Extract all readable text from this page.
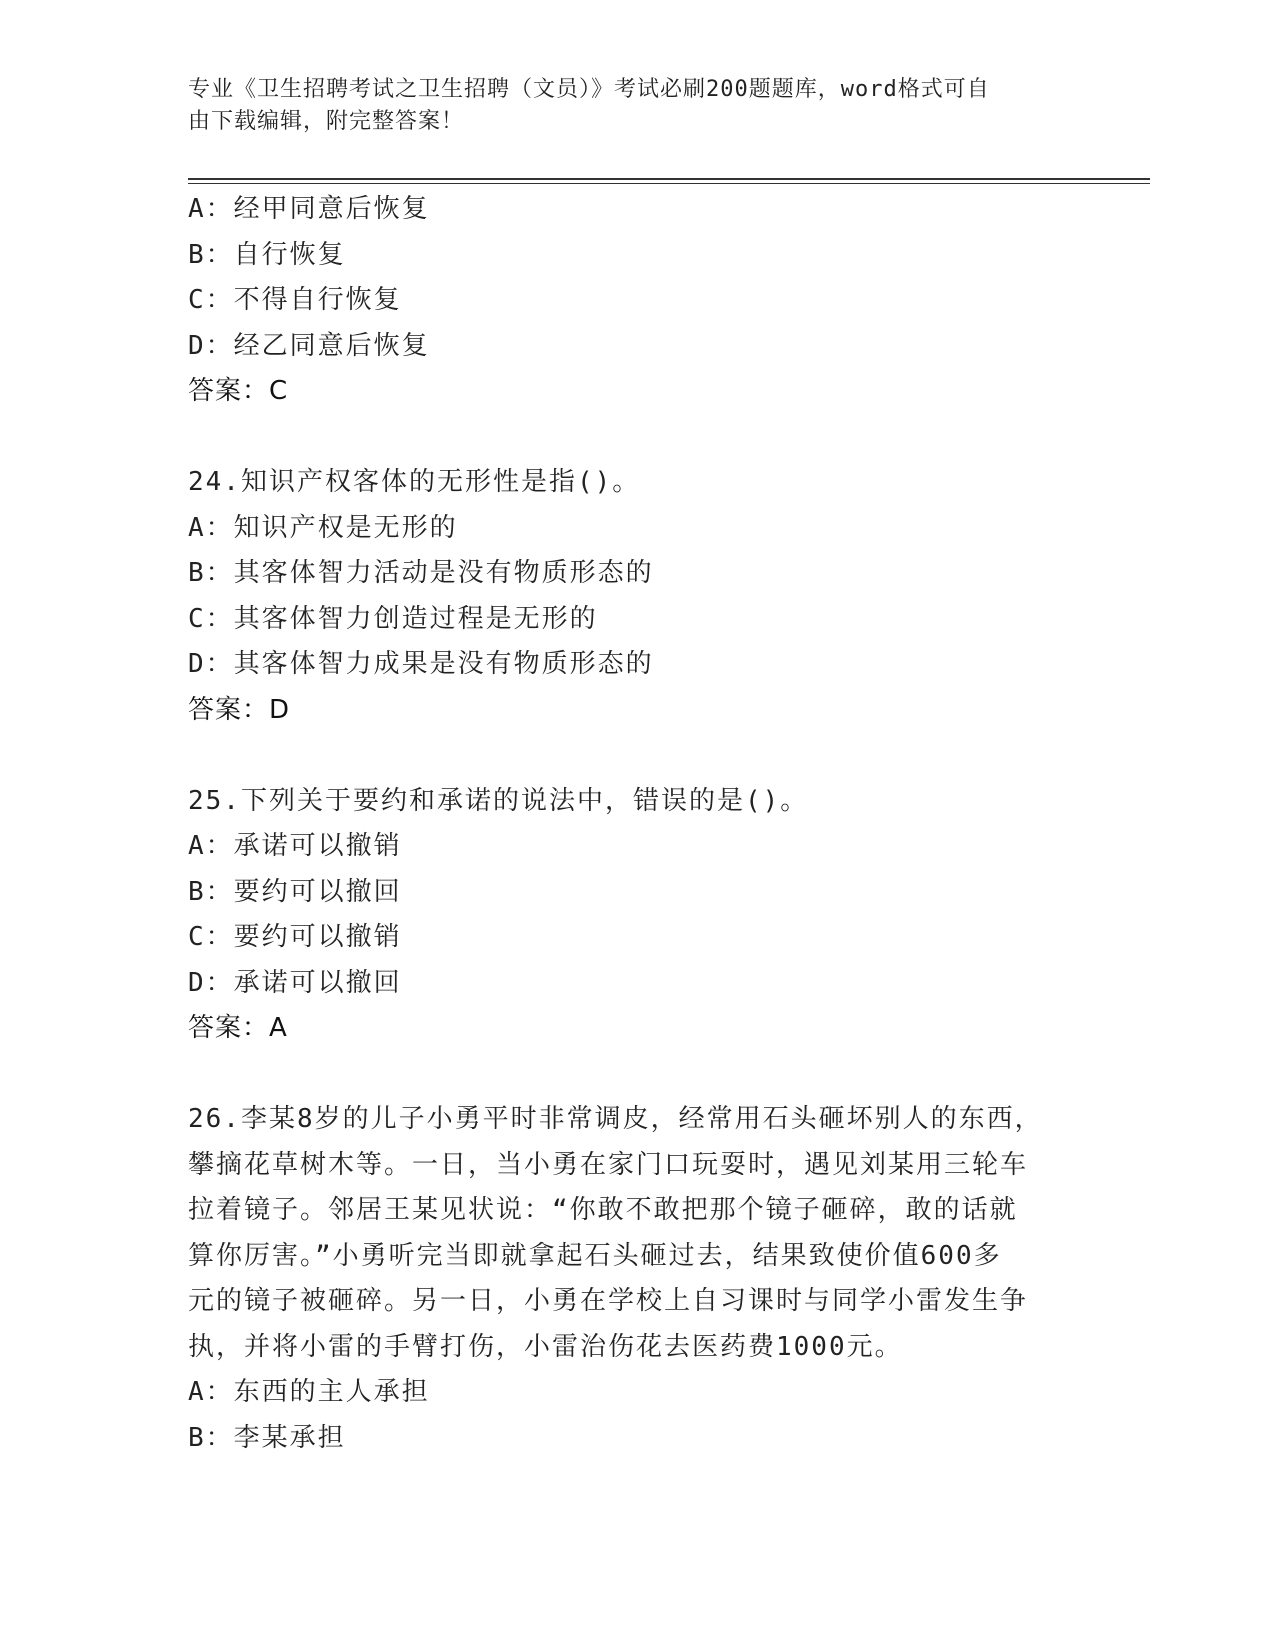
专业《卫生招聘考试之卫生招聘（文员）》考试必刷200题题库，word格式可自
由下载编辑，附完整答案！
A：经甲同意后恢复
B：自行恢复
C：不得自行恢复
D：经乙同意后恢复
答案：C
24.知识产权客体的无形性是指()。
A：知识产权是无形的
B：其客体智力活动是没有物质形态的
C：其客体智力创造过程是无形的
D：其客体智力成果是没有物质形态的
答案：D
25.下列关于要约和承诺的说法中，错误的是()。
A：承诺可以撤销
B：要约可以撤回
C：要约可以撤销
D：承诺可以撤回
答案：A
26.李某8岁的儿子小勇平时非常调皮，经常用石头砸坏别人的东西，
攀摘花草树木等。一日，当小勇在家门口玩耍时，遇见刘某用三轮车
拉着镜子。邻居王某见状说：“你敢不敢把那个镜子砸碎，敢的话就
算你厉害。”小勇听完当即就拿起石头砸过去，结果致使价值600多
元的镜子被砸碎。另一日，小勇在学校上自习课时与同学小雷发生争
执，并将小雷的手臂打伤，小雷治伤花去医药费1000元。
A：东西的主人承担
B：李某承担
